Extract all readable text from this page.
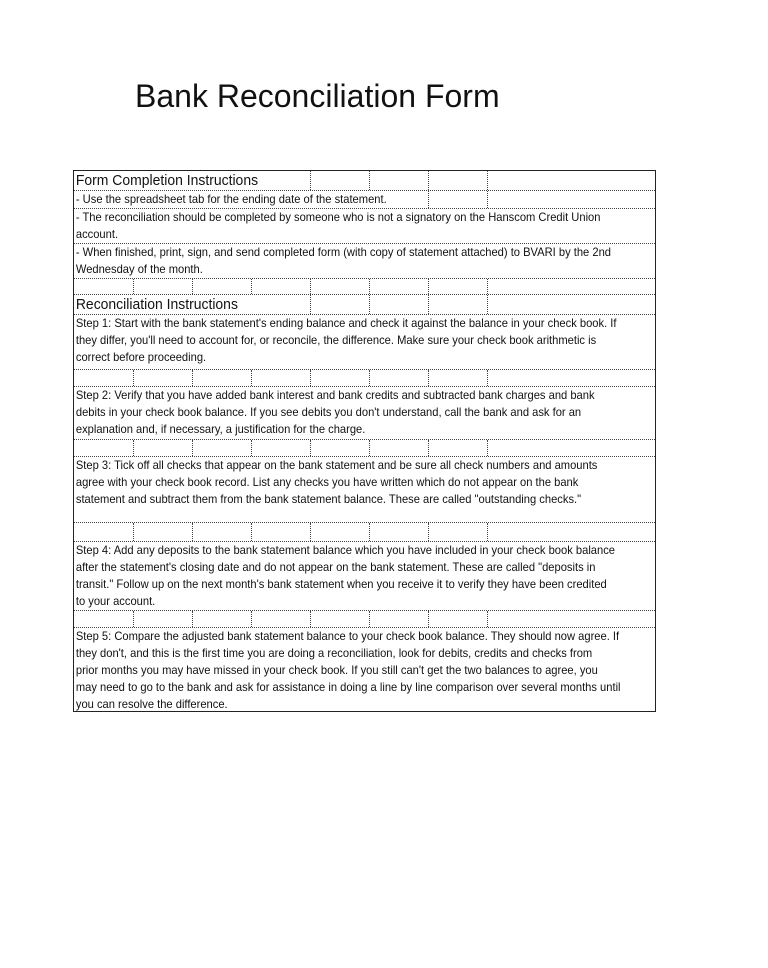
Bank Reconciliation Form
Form Completion Instructions
- Use the spreadsheet tab for the ending date of the statement.
- The reconciliation should be completed by someone who is not a signatory on the Hanscom Credit Union
account.
- When finished, print, sign, and send completed form (with copy of statement attached) to BVARI by the 2nd
Wednesday of the month.
Reconciliation Instructions
Step 1: Start with the bank statement's ending balance and check it against the balance in your check book. If
they differ, you'll need to account for, or reconcile, the difference. Make sure your check book arithmetic is
correct before proceeding.
Step 2: Verify that you have added bank interest and bank credits and subtracted bank charges and bank
debits in your check book balance. If you see debits you don't understand, call the bank and ask for an
explanation and, if necessary, a justification for the charge.
Step 3: Tick off all checks that appear on the bank statement and be sure all check numbers and amounts
agree with your check book record. List any checks you have written which do not appear on the bank
statement and subtract them from the bank statement balance. These are called "outstanding checks."
Step 4: Add any deposits to the bank statement balance which you have included in your check book balance
after the statement's closing date and do not appear on the bank statement. These are called "deposits in
transit." Follow up on the next month's bank statement when you receive it to verify they have been credited
to your account.
Step 5: Compare the adjusted bank statement balance to your check book balance. They should now agree. If
they don't, and this is the first time you are doing a reconciliation, look for debits, credits and checks from
prior months you may have missed in your check book. If you still can't get the two balances to agree, you
may need to go to the bank and ask for assistance in doing a line by line comparison over several months until
you can resolve the difference.
